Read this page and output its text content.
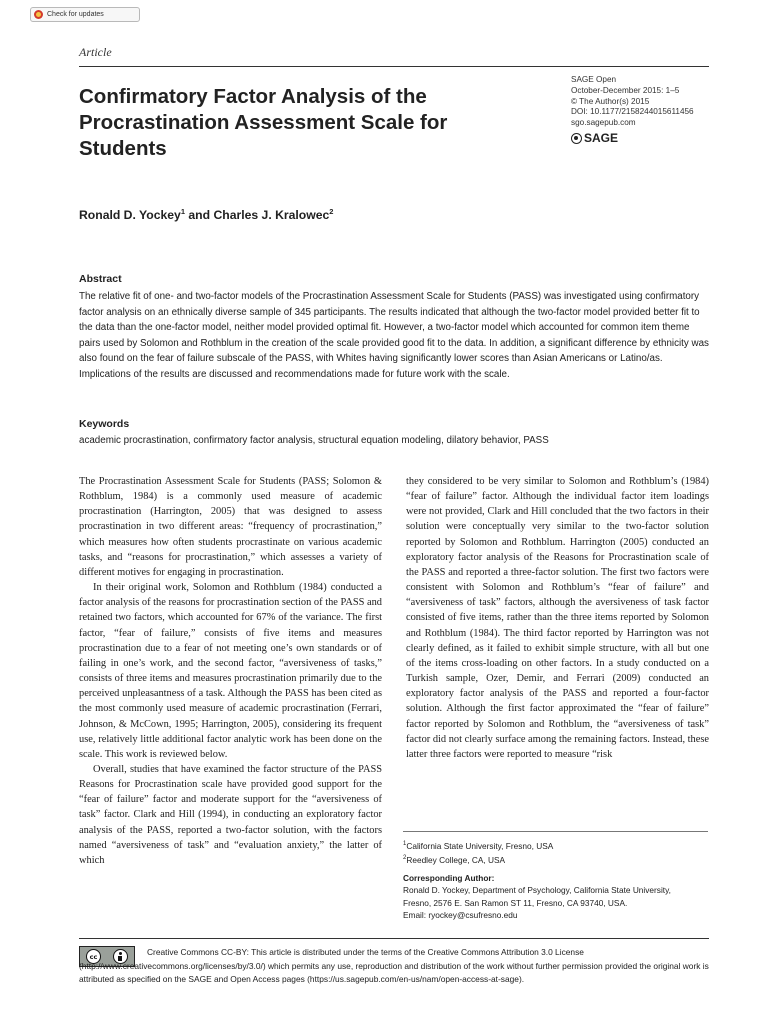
Check for updates
Article
Confirmatory Factor Analysis of the Procrastination Assessment Scale for Students
SAGE Open
October-December 2015: 1–5
© The Author(s) 2015
DOI: 10.1177/2158244015611456
sgo.sagepub.com
SAGE
Ronald D. Yockey$^1$ and Charles J. Kralowec$^2$
Abstract

The relative fit of one- and two-factor models of the Procrastination Assessment Scale for Students (PASS) was investigated using confirmatory factor analysis on an ethnically diverse sample of 345 participants. The results indicated that although the two-factor model provided better fit to the data than the one-factor model, neither model provided optimal fit. However, a two-factor model which accounted for common item theme pairs used by Solomon and Rothblum in the creation of the scale provided good fit to the data. In addition, a significant difference by ethnicity was also found on the fear of failure subscale of the PASS, with Whites having significantly lower scores than Asian Americans or Latino/as. Implications of the results are discussed and recommendations made for future work with the scale.

Keywords

academic procrastination, confirmatory factor analysis, structural equation modeling, dilatory behavior, PASS

The Procrastination Assessment Scale for Students (PASS; Solomon & Rothblum, 1984) is a commonly used measure of academic procrastination (Harrington, 2005) that was designed to assess procrastination in two different areas: “frequency of procrastination,” which measures how often students procrastinate on various academic tasks, and “reasons for procrastination,” which assesses a variety of different motives for engaging in procrastination.

In their original work, Solomon and Rothblum (1984) conducted a factor analysis of the reasons for procrastination section of the PASS and retained two factors, which accounted for 67% of the variance. The first factor, “fear of failure,” consists of five items and measures procrastination due to a fear of not meeting one’s own standards or of failing in one’s work, and the second factor, “aversiveness of tasks,” consists of three items and measures procrastination primarily due to the perceived unpleasantness of a task. Although the PASS has been cited as the most commonly used measure of academic procrastination (Ferrari, Johnson, & McCown, 1995; Harrington, 2005), considering its frequent use, relatively little additional factor analytic work has been done on the scale. This work is reviewed below.

Overall, studies that have examined the factor structure of the PASS Reasons for Procrastination scale have provided good support for the “fear of failure” factor and moderate support for the “aversiveness of task” factor. Clark and Hill (1994), in conducting an exploratory factor analysis of the PASS, reported a two-factor solution, with the factors named “aversiveness of task” and “evaluation anxiety,” the latter of which

they considered to be very similar to Solomon and Rothblum’s (1984) “fear of failure” factor. Although the individual factor item loadings were not provided, Clark and Hill concluded that the two factors in their solution were conceptually very similar to the two-factor solution reported by Solomon and Rothblum. Harrington (2005) conducted an exploratory factor analysis of the Reasons for Procrastination scale of the PASS and reported a three-factor solution. The first two factors were consistent with Solomon and Rothblum’s “fear of failure” and “aversiveness of task” factors, although the aversiveness of task factor consisted of five items, rather than the three items reported by Solomon and Rothblum (1984). The third factor reported by Harrington was not clearly defined, as it failed to exhibit simple structure, with all but one of the items cross-loading on other factors. In a study conducted on a Turkish sample, Ozer, Demir, and Ferrari (2009) conducted an exploratory factor analysis of the PASS and reported a four-factor solution. Although the first factor approximated the “fear of failure” factor reported by Solomon and Rothblum, the “aversiveness of task” factor did not clearly surface among the remaining factors. Instead, these latter three factors were reported to measure “risk

$^1$California State University, Fresno, USA
$^2$Reedley College, CA, USA
Corresponding Author:
Ronald D. Yockey, Department of Psychology, California State University,
Fresno, 2576 E. San Ramon ST 11, Fresno, CA 93740, USA.
Email: ryockey@csufresno.edu
cc	Creative Commons CC-BY: This article is distributed under the terms of the Creative Commons Attribution 3.0 License (http://www.creativecommons.org/licenses/by/3.0/) which permits any use, reproduction and distribution of the work without further permission provided the original work is attributed as specified on the SAGE and Open Access pages (https://us.sagepub.com/en-us/nam/open-access-at-sage).
